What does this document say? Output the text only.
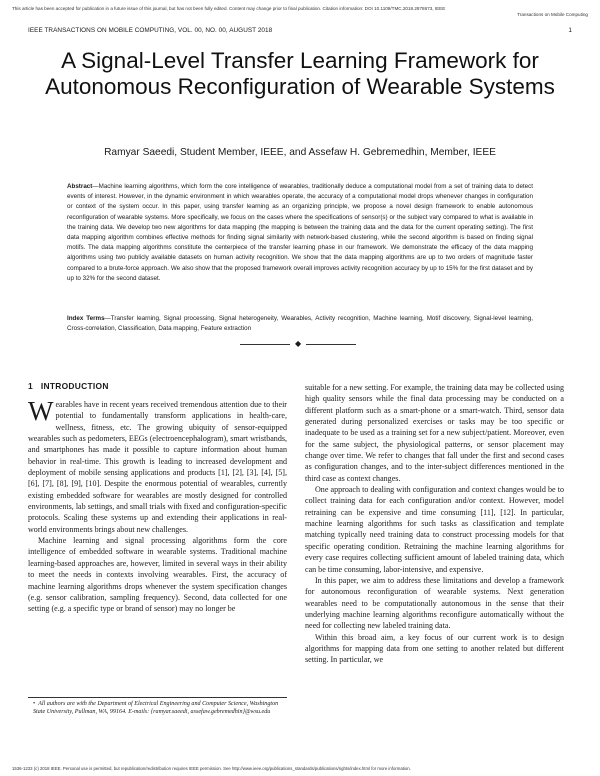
This article has been accepted for publication in a future issue of this journal, but has not been fully edited. Content may change prior to final publication. Citation information: DOI 10.1109/TMC.2018.2878673, IEEE
Transactions on Mobile Computing
IEEE TRANSACTIONS ON MOBILE COMPUTING, VOL. 00, NO. 00, AUGUST 2018	1
A Signal-Level Transfer Learning Framework for Autonomous Reconfiguration of Wearable Systems
Ramyar Saeedi, Student Member, IEEE, and Assefaw H. Gebremedhin, Member, IEEE

Abstract—Machine learning algorithms, which form the core intelligence of wearables, traditionally deduce a computational model from a set of training data to detect events of interest. However, in the dynamic environment in which wearables operate, the accuracy of a computational model drops whenever changes in configuration or context of the system occur. In this paper, using transfer learning as an organizing principle, we propose a novel design framework to enable autonomous reconfiguration of wearable systems. More specifically, we focus on the cases where the specifications of sensor(s) or the subject vary compared to what is available in the training data. We develop two new algorithms for data mapping (the mapping is between the training data and the data for the current operating setting). The first data mapping algorithm combines effective methods for finding signal similarity with network-based clustering, while the second algorithm is based on finding signal motifs. The data mapping algorithms constitute the centerpiece of the transfer learning phase in our framework. We demonstrate the efficacy of the data mapping algorithms using two publicly available datasets on human activity recognition. We show that the data mapping algorithms are up to two orders of magnitude faster compared to a brute-force approach. We also show that the proposed framework overall improves activity recognition accuracy by up to 15% for the first dataset and by up to 32% for the second dataset.

Index Terms—Transfer learning, Signal processing, Signal heterogeneity, Wearables, Activity recognition, Machine learning, Motif discovery, Signal-level learning, Cross-correlation, Classification, Data mapping, Feature extraction

◆
1 INTRODUCTION

Wearables have in recent years received tremendous attention due to their potential to fundamentally transform applications in health-care, wellness, fitness, etc. The growing ubiquity of sensor-equipped wearables such as pedometers, EEGs (electroencephalogram), smart wristbands, and smartphones has made it possible to capture information about human behavior in real-time. This growth is leading to increased development and deployment of mobile sensing applications and products [1], [2], [3], [4], [5], [6], [7], [8], [9], [10]. Despite the enormous potential of wearables, currently existing embedded software for wearables are mostly designed for controlled environments, lab settings, and small trials with fixed and configuration-specific protocols. Scaling these systems up and extending their applications in real-world environments brings about new challenges.

Machine learning and signal processing algorithms form the core intelligence of embedded software in wearable systems. Traditional machine learning-based approaches are, however, limited in several ways in their ability to meet the needs in contexts involving wearables. First, the accuracy of machine learning algorithms drops whenever the system specification changes (e.g. sensor calibration, sampling frequency). Second, data collected for one setting (e.g. a specific type or brand of sensor) may no longer be

• All authors are with the Department of Electrical Engineering and Computer Science, Washington State University, Pullman, WA, 99164. E-mails: {ramyar.saeedi, assefaw.gebremedhin}@wsu.edu

suitable for a new setting. For example, the training data may be collected using high quality sensors while the final data processing may be conducted on a different platform such as a smart-phone or a smart-watch. Third, sensor data generated during personalized exercises or tasks may be too specific or inadequate to be used as a training set for a new subject/patient. Moreover, even for the same subject, the physiological patterns, or sensor placement may change over time. We refer to changes that fall under the first and second cases as configuration changes, and to the inter-subject differences mentioned in the third case as context changes.

One approach to dealing with configuration and context changes would be to collect training data for each configuration and/or context. However, model retraining can be expensive and time consuming [11], [12]. In particular, machine learning algorithms for such tasks as classification and template matching typically need training data to construct processing models for that specific operating condition. Retraining the machine learning algorithms for every case requires collecting sufficient amount of labeled training data, which can be time consuming, labor-intensive, and expensive.

In this paper, we aim to address these limitations and develop a framework for autonomous reconfiguration of wearable systems. Next generation wearables need to be computationally autonomous in the sense that their underlying machine learning algorithms reconfigure automatically without the need for collecting new labeled training data.

Within this broad aim, a key focus of our current work is to design algorithms for mapping data from one setting to another related but different setting. In particular, we

1536-1233 (c) 2018 IEEE. Personal use is permitted, but republication/redistribution requires IEEE permission. See http://www.ieee.org/publications_standards/publications/rights/index.html for more information.
